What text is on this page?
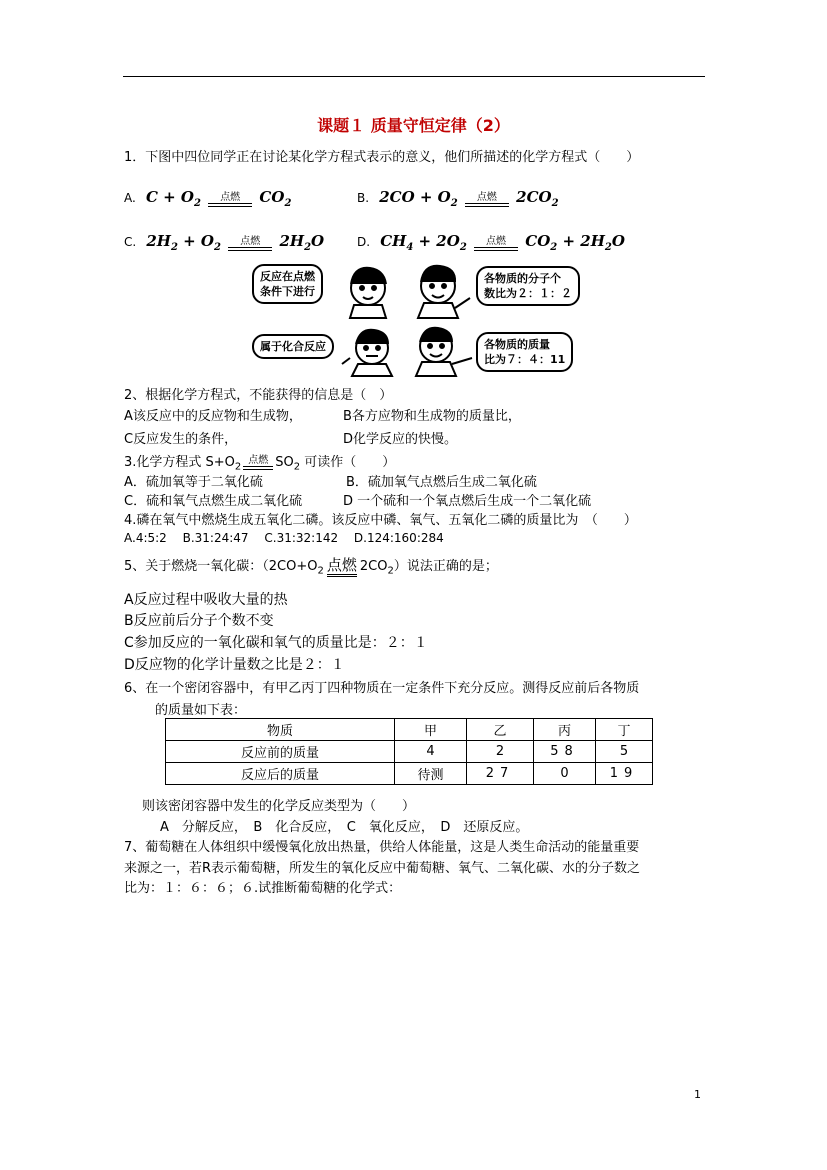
课题１ 质量守恒定律（2）
1．下图中四位同学正在讨论某化学方程式表示的意义，他们所描述的化学方程式（　　）
A. $C + O_2$
点燃	$CO_2$	B. $2CO + O_2$
点燃	$2CO_2$
C. $2H_2 + O_2$
点燃	$2H_2O$	D. $CH_4 + 2O_2$
点燃	$CO_2 + 2H_2O$
反应在点燃
条件下进行
各物质的分子个
数比为２：１：２
属于化合反应	各物质的质量
比为７：４：11
2、根据化学方程式，不能获得的信息是（　）
A该反应中的反应物和生成物，	B各方应物和生成物的质量比，
C反应发生的条件，	D化学反应的快慢。
3.化学方程式 $S+O_2$
点燃 $SO_2$ 可读作（　　）
A．硫加氧等于二氧化硫	B．硫加氧气点燃后生成二氧化硫
C．硫和氧气点燃生成二氧化硫	D 一个硫和一个氧点燃后生成一个二氧化硫
4.磷在氧气中燃烧生成五氧化二磷。该反应中磷、氧气、五氧化二磷的质量比为　（　　）
A.4:5:2　 B.31:24:47　 C.31:32:142　 D.124:160:284
5、关于燃烧一氧化碳：（$2CO+O_2$ 点燃 $2CO_2$）说法正确的是；
A反应过程中吸收大量的热
B反应前后分子个数不变
C参加反应的一氧化碳和氧气的质量比是：２：１
D反应物的化学计量数之比是２：１
6、在一个密闭容器中，有甲乙丙丁四种物质在一定条件下充分反应。测得反应前后各物质
的质量如下表：
物质	甲	乙	丙	丁
反应前的质量	4	2	58	5
反应后的质量	待测	27	0	19
则该密闭容器中发生的化学反应类型为（　　）
A　分解反应，　B　化合反应，　C　氧化反应，　D　还原反应。
7、葡萄糖在人体组织中缓慢氧化放出热量，供给人体能量，这是人类生命活动的能量重要
来源之一，若R表示葡萄糖，所发生的氧化反应中葡萄糖、氧气、二氧化碳、水的分子数之
比为：１：６：６；６.试推断葡萄糖的化学式：
1
